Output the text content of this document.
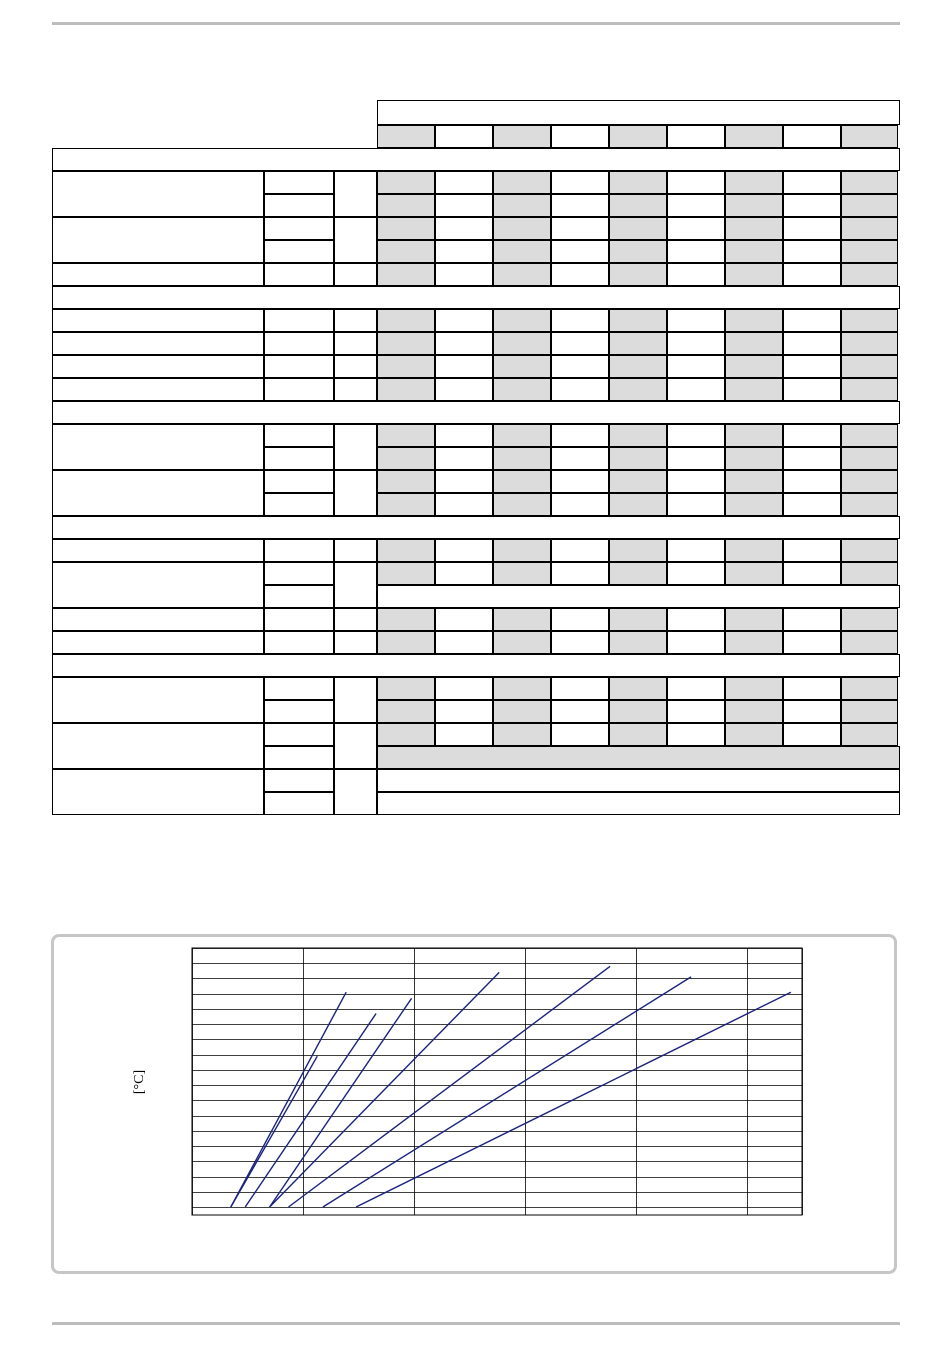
[°C]
